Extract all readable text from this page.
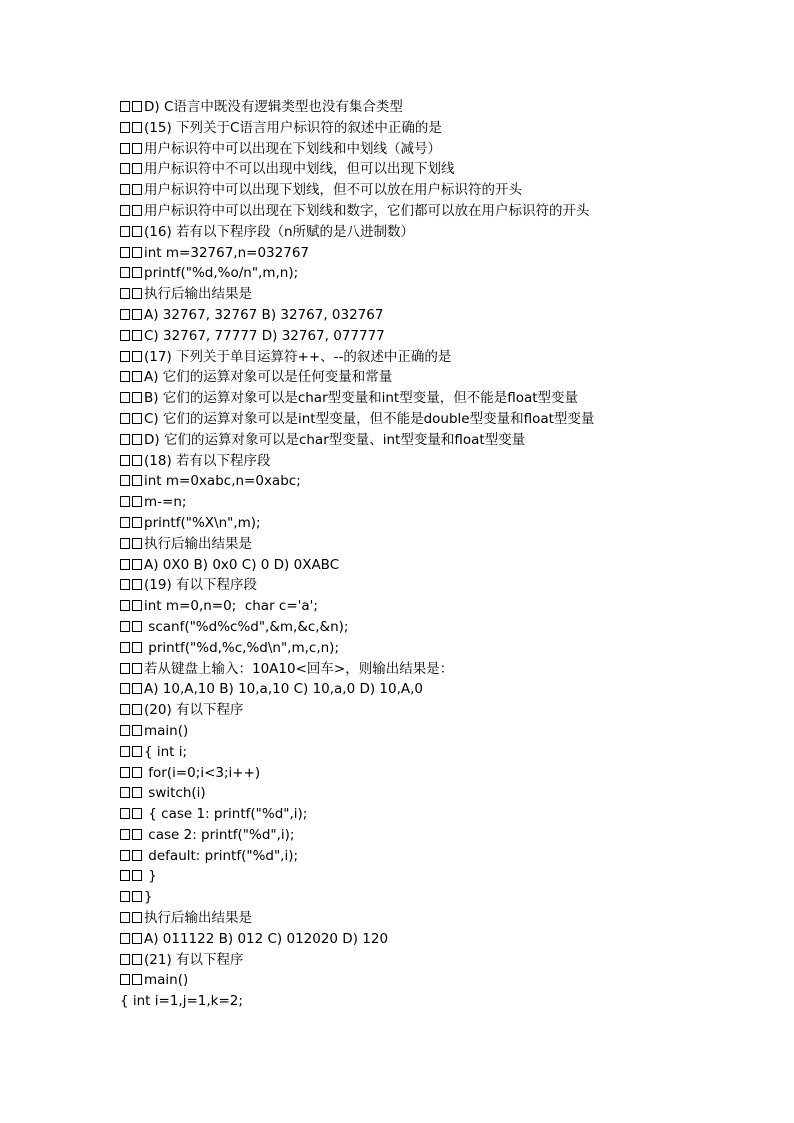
D) C语言中既没有逻辑类型也没有集合类型
(15) 下列关于C语言用户标识符的叙述中正确的是
用户标识符中可以出现在下划线和中划线（减号）
用户标识符中不可以出现中划线，但可以出现下划线
用户标识符中可以出现下划线，但不可以放在用户标识符的开头
用户标识符中可以出现在下划线和数字，它们都可以放在用户标识符的开头
(16) 若有以下程序段（n所赋的是八进制数）
int m=32767,n=032767
printf("%d,%o/n",m,n);
执行后输出结果是
A) 32767, 32767 B) 32767, 032767
C) 32767, 77777 D) 32767, 077777
(17) 下列关于单目运算符++、--的叙述中正确的是
A) 它们的运算对象可以是任何变量和常量
B) 它们的运算对象可以是char型变量和int型变量，但不能是float型变量
C) 它们的运算对象可以是int型变量，但不能是double型变量和float型变量
D) 它们的运算对象可以是char型变量、int型变量和float型变量
(18) 若有以下程序段
int m=0xabc,n=0xabc;
m-=n;
printf("%X\n",m);
执行后输出结果是
A) 0X0 B) 0x0 C) 0 D) 0XABC
(19) 有以下程序段
int m=0,n=0;  char c='a';
scanf("%d%c%d",&m,&c,&n);
printf("%d,%c,%d\n",m,c,n);
若从键盘上输入：10A10<回车>，则输出结果是：
A) 10,A,10 B) 10,a,10 C) 10,a,0 D) 10,A,0
(20) 有以下程序
main()
{ int i;
for(i=0;i<3;i++)
switch(i)
{ case 1: printf("%d",i);
case 2: printf("%d",i);
default: printf("%d",i);
}
}
执行后输出结果是
A) 011122 B) 012 C) 012020 D) 120
(21) 有以下程序
main()
{ int i=1,j=1,k=2;
